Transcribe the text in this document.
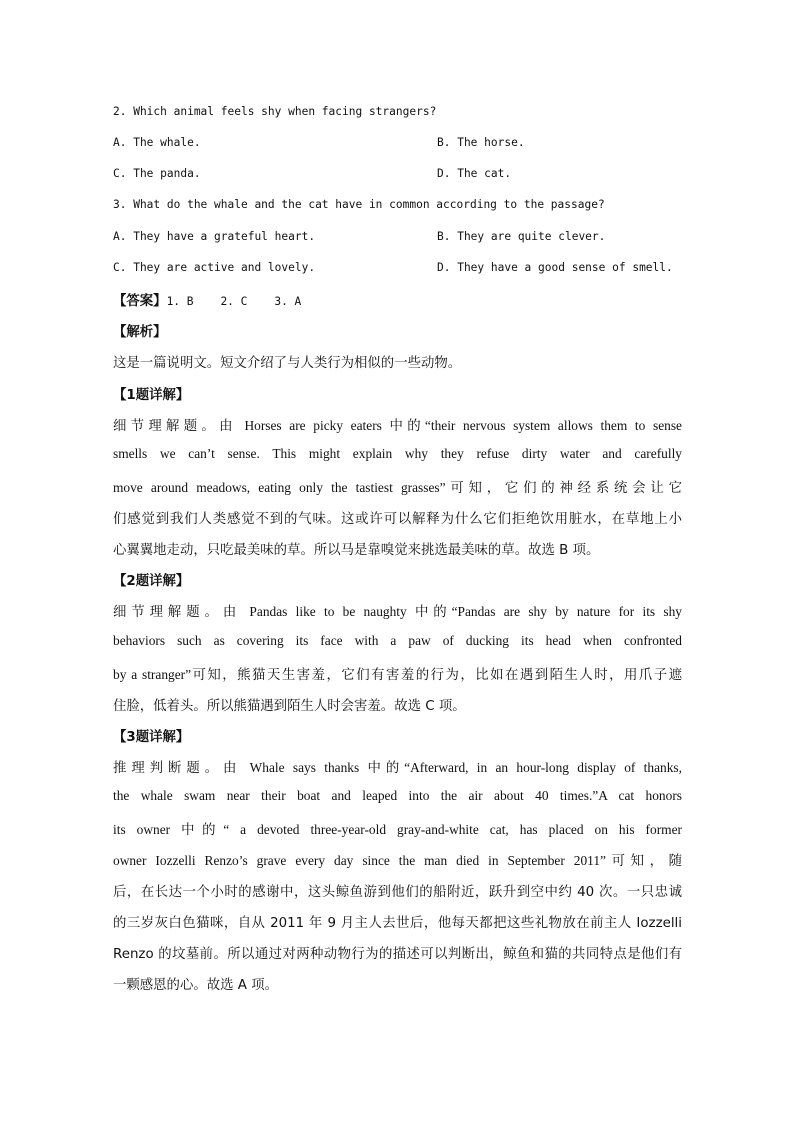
2. Which animal feels shy when facing strangers?
A. The whale.	B. The horse.
C. The panda.	D. The cat.
3. What do the whale and the cat have in common according to the passage?
A. They have a grateful heart.	B. They are quite clever.
C. They are active and lovely.	D. They have a good sense of smell.
【答案】1. B    2. C    3. A
【解析】
这是一篇说明文。短文介绍了与人类行为相似的一些动物。
【1题详解】
细节理解题。由 Horses are picky eaters 中的“their nervous system allows them to sense
smells we can’t sense. This might explain why they refuse dirty water and carefully
move around meadows, eating only the tastiest grasses”可知，它们的神经系统会让它
们感觉到我们人类感觉不到的气味。这或许可以解释为什么它们拒绝饮用脏水，在草地上小
心翼翼地走动，只吃最美味的草。所以马是靠嗅觉来挑选最美味的草。故选 B 项。
【2题详解】
细节理解题。由 Pandas like to be naughty 中的“Pandas are shy by nature for its shy
behaviors such as covering its face with a paw of ducking its head when confronted
by a stranger”可知，熊猫天生害羞，它们有害羞的行为，比如在遇到陌生人时，用爪子遮
住脸，低着头。所以熊猫遇到陌生人时会害羞。故选 C 项。
【3题详解】
推理判断题。由 Whale says thanks 中的“Afterward, in an hour-long display of thanks,
the whale swam near their boat and leaped into the air about 40 times.”A cat honors
its owner 中的“ a devoted three-year-old gray-and-white cat, has placed on his former
owner Iozzelli Renzo’s grave every day since the man died in September 2011”可知，随
后，在长达一个小时的感谢中，这头鲸鱼游到他们的船附近，跃升到空中约 40 次。一只忠诚
的三岁灰白色猫咪，自从 2011 年 9 月主人去世后，他每天都把这些礼物放在前主人 Iozzelli
Renzo 的坟墓前。所以通过对两种动物行为的描述可以判断出，鲸鱼和猫的共同特点是他们有
一颗感恩的心。故选 A 项。
